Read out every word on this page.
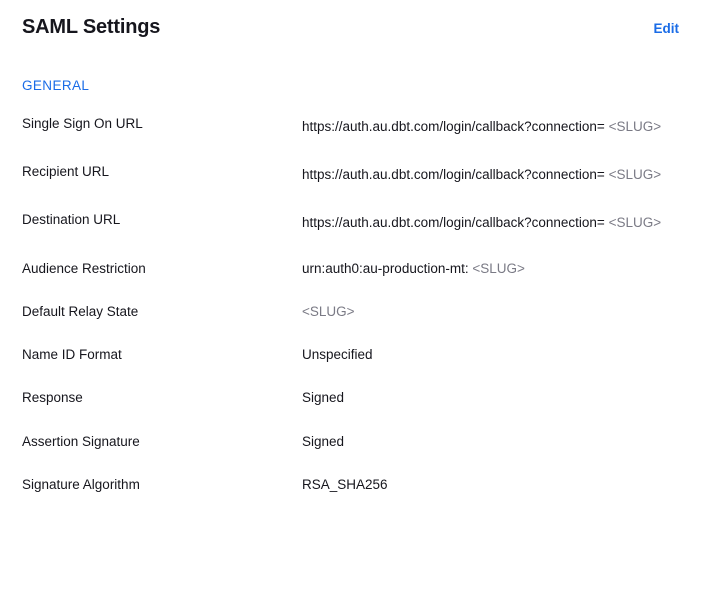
SAML Settings	Edit
GENERAL
Single Sign On URL	https://auth.au.dbt.com/login/callback?connection= <SLUG>
Recipient URL	https://auth.au.dbt.com/login/callback?connection= <SLUG>
Destination URL	https://auth.au.dbt.com/login/callback?connection= <SLUG>
Audience Restriction	urn:auth0:au-production-mt: <SLUG>
Default Relay State	<SLUG>
Name ID Format	Unspecified
Response	Signed
Assertion Signature	Signed
Signature Algorithm	RSA_SHA256
